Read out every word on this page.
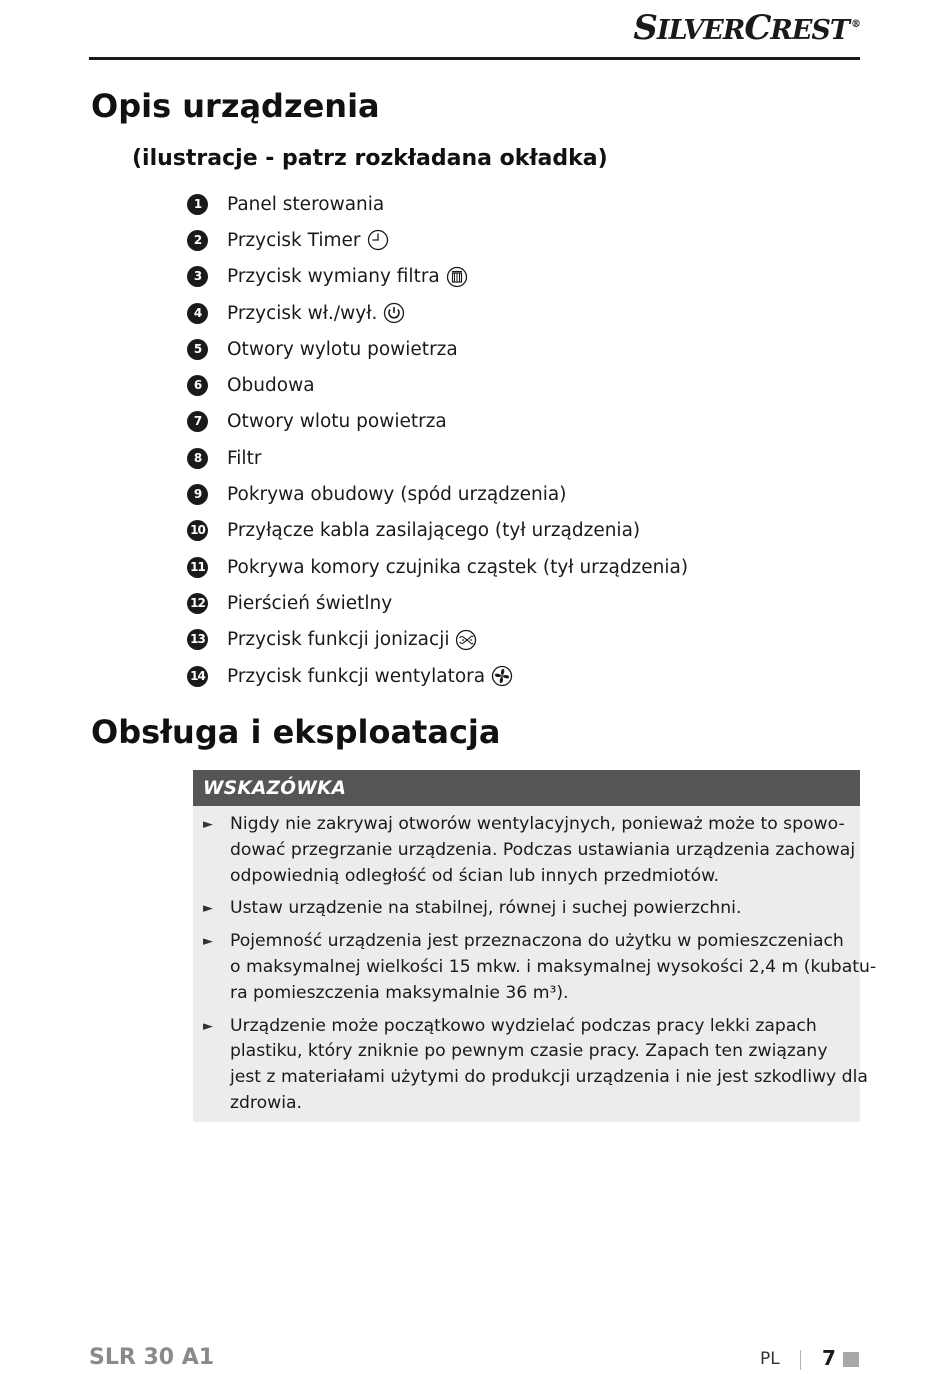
SILVERCREST ®
Opis urządzenia
(ilustracje - patrz rozkładana okładka)
1	Panel sterowania
2	Przycisk Timer
3	Przycisk wymiany filtra
4	Przycisk wł./wył.
5	Otwory wylotu powietrza
6	Obudowa
7	Otwory wlotu powietrza
8	Filtr
9	Pokrywa obudowy (spód urządzenia)
10 Przyłącze kabla zasilającego (tył urządzenia)
11 Pokrywa komory czujnika cząstek (tył urządzenia)
12 Pierścień świetlny
13 Przycisk funkcji jonizacji
14 Przycisk funkcji wentylatora
Obsługa i eksploatacja
WSKAZÓWKA
► Nigdy nie zakrywaj otworów wentylacyjnych, ponieważ może to spowo-
dować przegrzanie urządzenia. Podczas ustawiania urządzenia zachowaj
odpowiednią odległość od ścian lub innych przedmiotów.
► Ustaw urządzenie na stabilnej, równej i suchej powierzchni.
► Pojemność urządzenia jest przeznaczona do użytku w pomieszczeniach
o maksymalnej wielkości 15 mkw. i maksymalnej wysokości 2,4 m (kubatu-
ra pomieszczenia maksymalnie 36 m³).
► Urządzenie może początkowo wydzielać podczas pracy lekki zapach
plastiku, który zniknie po pewnym czasie pracy. Zapach ten związany
jest z materiałami użytymi do produkcji urządzenia i nie jest szkodliwy dla
zdrowia.
SLR 30 A1	PL 7
